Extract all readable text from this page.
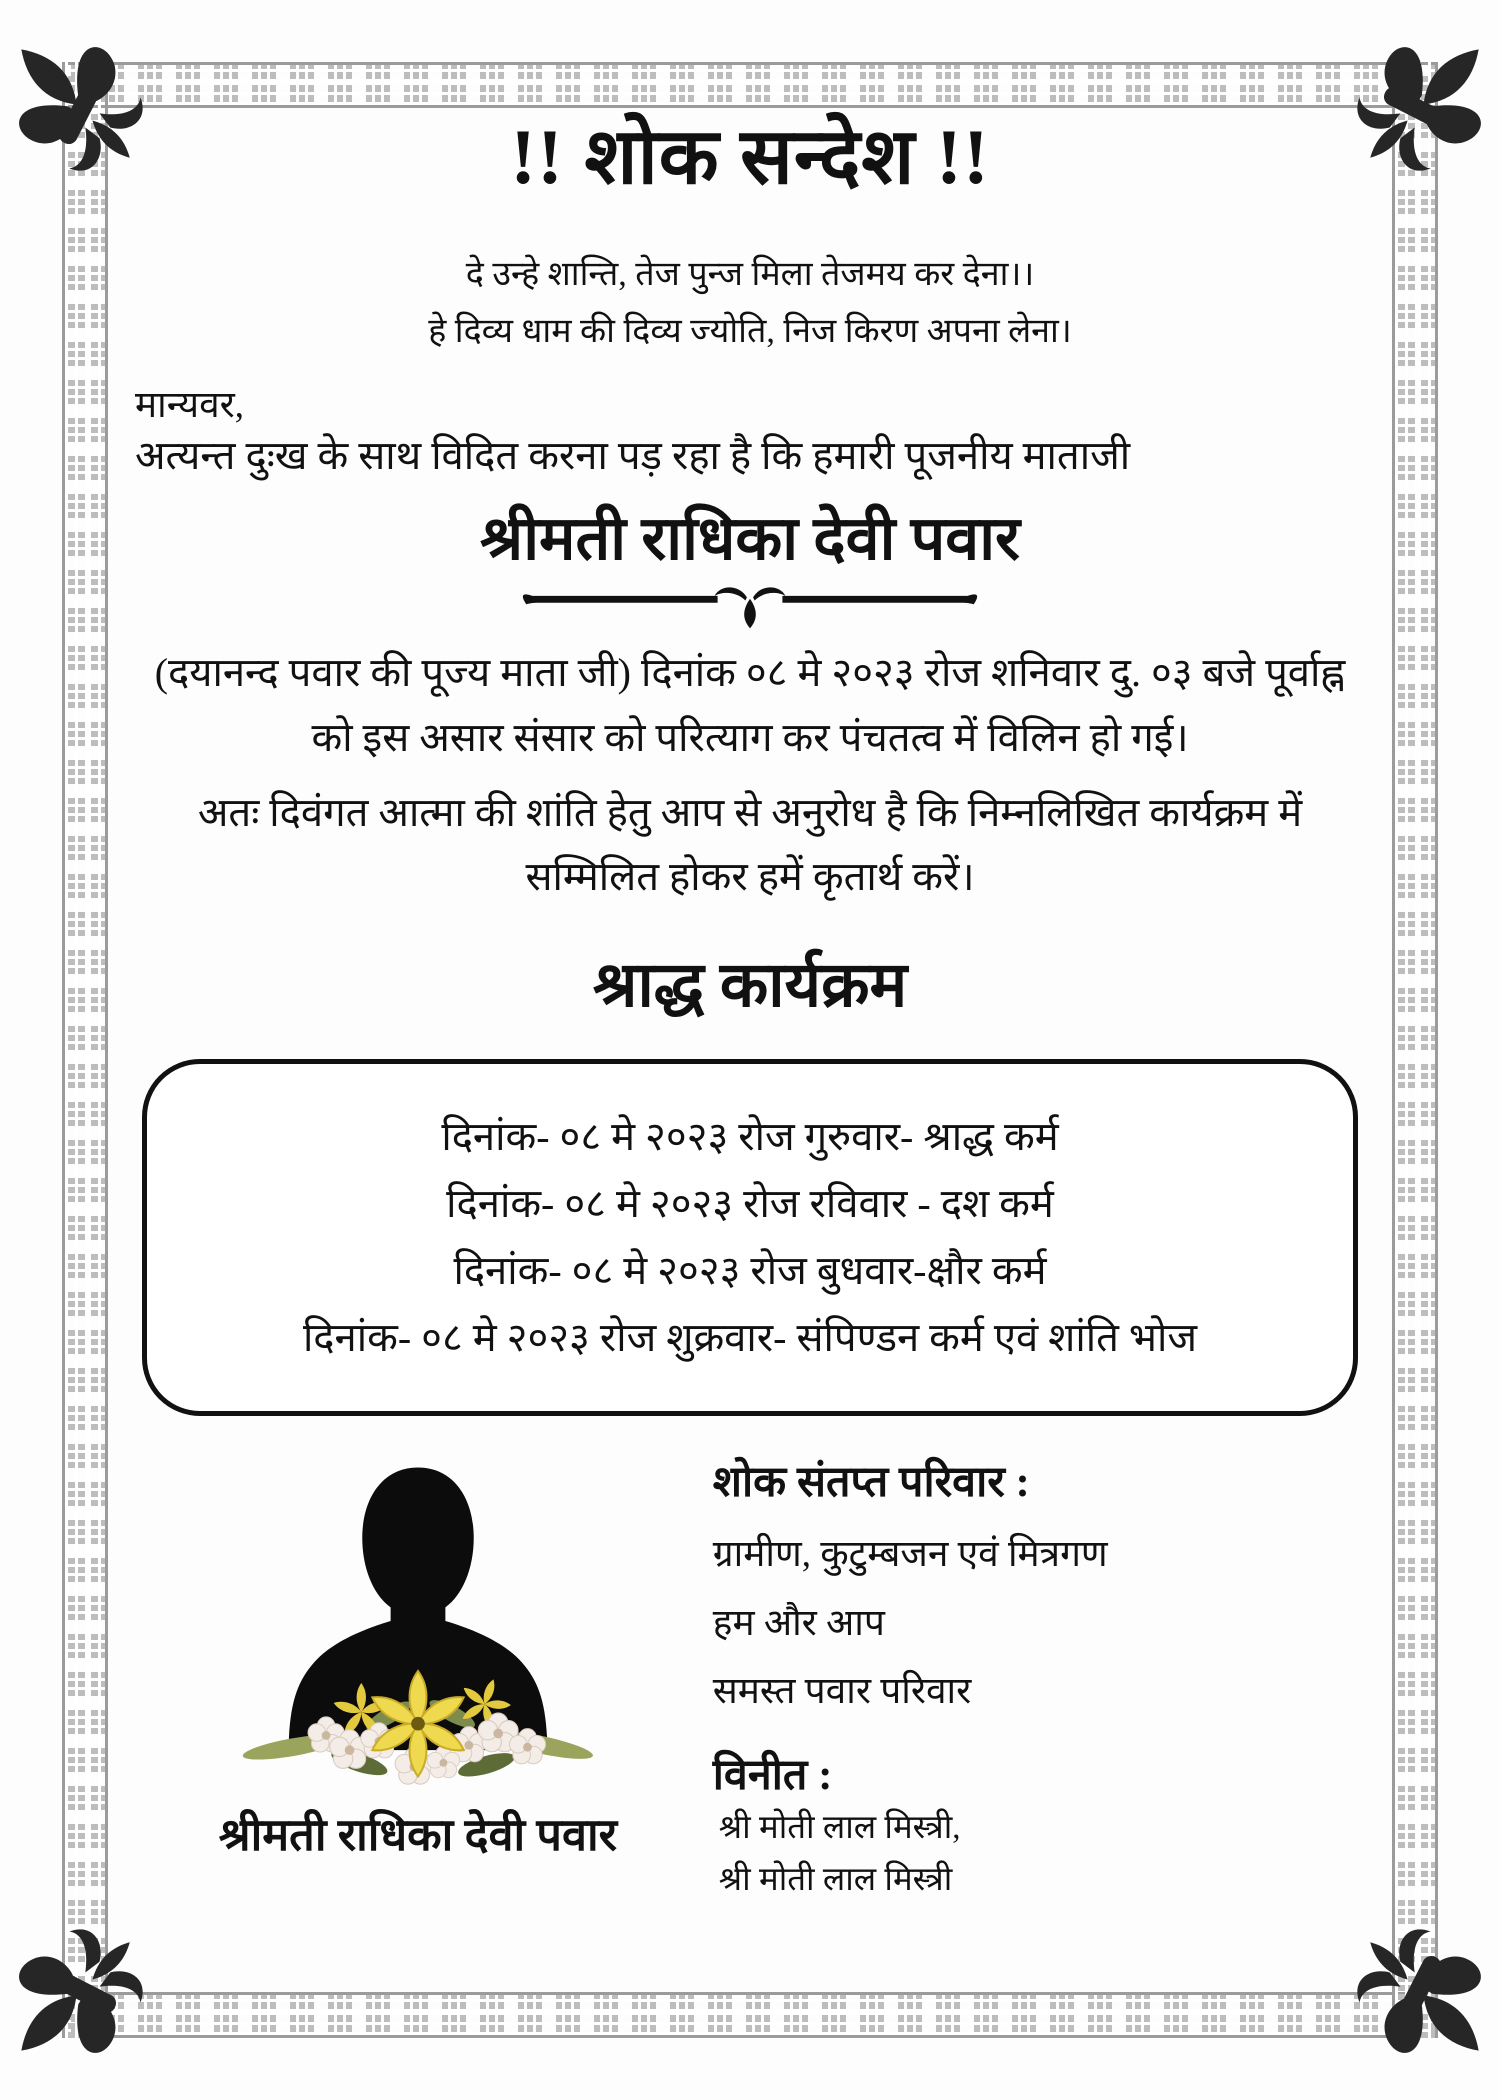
!! शोक सन्देश !!
दे उन्हे शान्ति, तेज पुन्ज मिला तेजमय कर देना।।
हे दिव्य धाम की दिव्य ज्योति, निज किरण अपना लेना।
मान्यवर,
अत्यन्त दुःख के साथ विदित करना पड़ रहा है कि हमारी पूजनीय माताजी
श्रीमती राधिका देवी पवार

(दयानन्द पवार की पूज्य माता जी) दिनांक ०८ मे २०२३ रोज शनिवार दु. ०३ बजे पूर्वाह्न को इस असार संसार को परित्याग कर पंचतत्व में विलिन हो गई।

अतः दिवंगत आत्मा की शांति हेतु आप से अनुरोध है कि निम्नलिखित कार्यक्रम में सम्मिलित होकर हमें कृतार्थ करें।

श्राद्ध कार्यक्रम
दिनांक- ०८ मे २०२३ रोज गुरुवार- श्राद्ध कर्म
दिनांक- ०८ मे २०२३ रोज रविवार - दश कर्म
दिनांक- ०८ मे २०२३ रोज बुधवार-क्षौर कर्म
दिनांक- ०८ मे २०२३ रोज शुक्रवार- संपिण्डन कर्म एवं शांति भोज
श्रीमती राधिका देवी पवार
शोक संतप्त परिवार :
ग्रामीण, कुटुम्बजन एवं मित्रगण
हम और आप
समस्त पवार परिवार
विनीत :
श्री मोती लाल मिस्त्री,
श्री मोती लाल मिस्त्री
